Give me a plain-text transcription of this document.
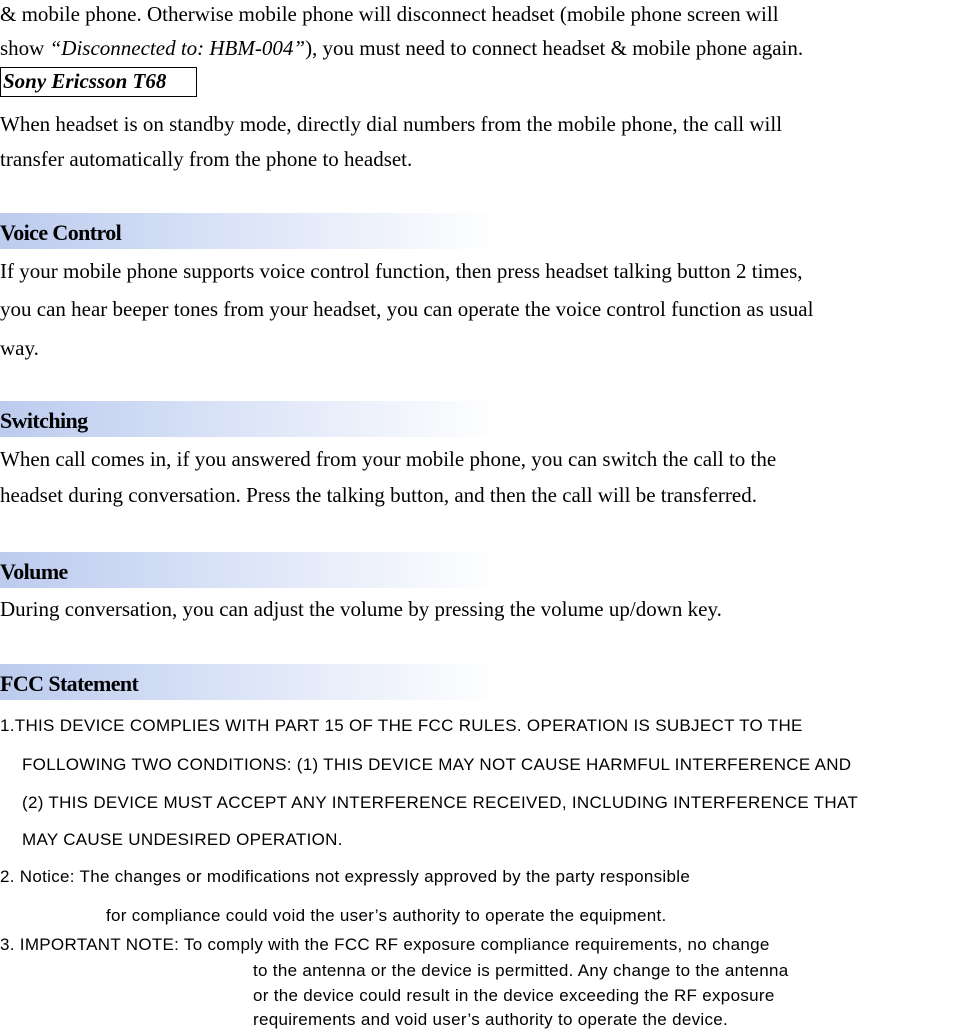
& mobile phone. Otherwise mobile phone will disconnect headset (mobile phone screen will
show “Disconnected to: HBM-004”), you must need to connect headset & mobile phone again.
Sony Ericsson T68
When headset is on standby mode, directly dial numbers from the mobile phone, the call will
transfer automatically from the phone to headset.
Voice Control
If your mobile phone supports voice control function, then press headset talking button 2 times,
you can hear beeper tones from your headset, you can operate the voice control function as usual
way.
Switching
When call comes in, if you answered from your mobile phone, you can switch the call to the
headset during conversation. Press the talking button, and then the call will be transferred.
Volume
During conversation, you can adjust the volume by pressing the volume up/down key.
FCC Statement
1.THIS DEVICE COMPLIES WITH PART 15 OF THE FCC RULES. OPERATION IS SUBJECT TO THE
FOLLOWING TWO CONDITIONS: (1) THIS DEVICE MAY NOT CAUSE HARMFUL INTERFERENCE AND
(2) THIS DEVICE MUST ACCEPT ANY INTERFERENCE RECEIVED, INCLUDING INTERFERENCE THAT
MAY CAUSE UNDESIRED OPERATION.
2. Notice: The changes or modifications not expressly approved by the party responsible
for compliance could void the user’s authority to operate the equipment.
3. IMPORTANT NOTE: To comply with the FCC RF exposure compliance requirements, no change
to the antenna or the device is permitted. Any change to the antenna
or the device could result in the device exceeding the RF exposure
requirements and void user’s authority to operate the device.
